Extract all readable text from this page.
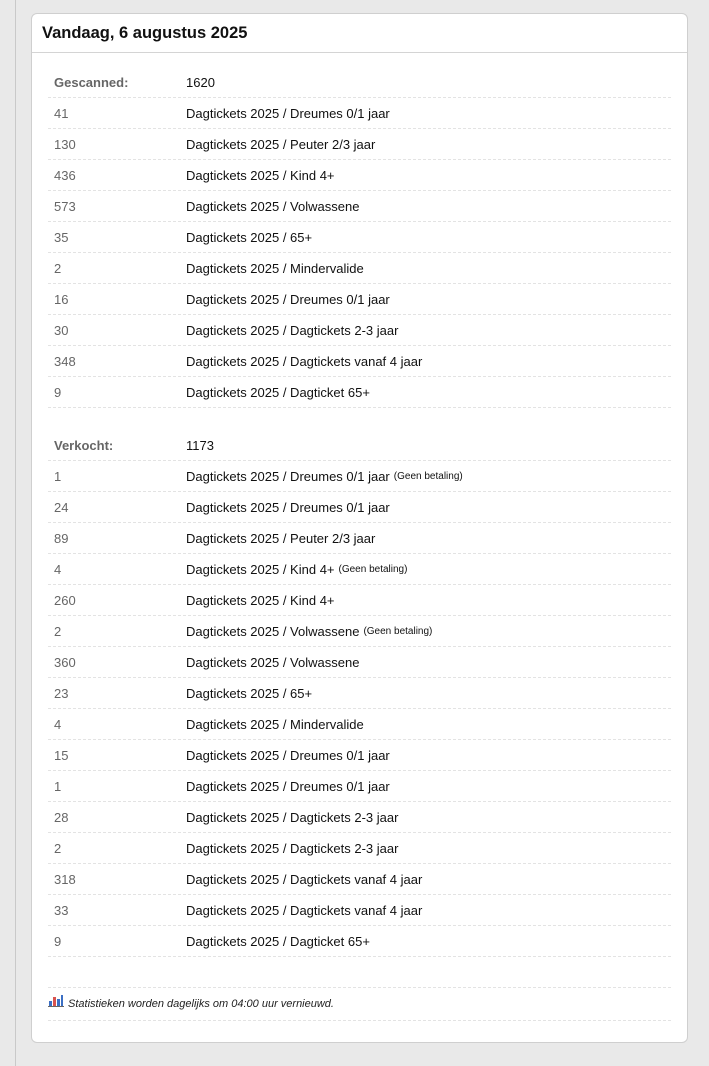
Vandaag, 6 augustus 2025
Gescanned:	1620
41	Dagtickets 2025 / Dreumes 0/1 jaar
130	Dagtickets 2025 / Peuter 2/3 jaar
436	Dagtickets 2025 / Kind 4+
573	Dagtickets 2025 / Volwassene
35	Dagtickets 2025 / 65+
2	Dagtickets 2025 / Mindervalide
16	Dagtickets 2025 / Dreumes 0/1 jaar
30	Dagtickets 2025 / Dagtickets 2-3 jaar
348	Dagtickets 2025 / Dagtickets vanaf 4 jaar
9	Dagtickets 2025 / Dagticket 65+
Verkocht:	1173
1	Dagtickets 2025 / Dreumes 0/1 jaar (Geen betaling)
24	Dagtickets 2025 / Dreumes 0/1 jaar
89	Dagtickets 2025 / Peuter 2/3 jaar
4	Dagtickets 2025 / Kind 4+ (Geen betaling)
260	Dagtickets 2025 / Kind 4+
2	Dagtickets 2025 / Volwassene (Geen betaling)
360	Dagtickets 2025 / Volwassene
23	Dagtickets 2025 / 65+
4	Dagtickets 2025 / Mindervalide
15	Dagtickets 2025 / Dreumes 0/1 jaar
1	Dagtickets 2025 / Dreumes 0/1 jaar
28	Dagtickets 2025 / Dagtickets 2-3 jaar
2	Dagtickets 2025 / Dagtickets 2-3 jaar
318	Dagtickets 2025 / Dagtickets vanaf 4 jaar
33	Dagtickets 2025 / Dagtickets vanaf 4 jaar
9	Dagtickets 2025 / Dagticket 65+
Statistieken worden dagelijks om 04:00 uur vernieuwd.
